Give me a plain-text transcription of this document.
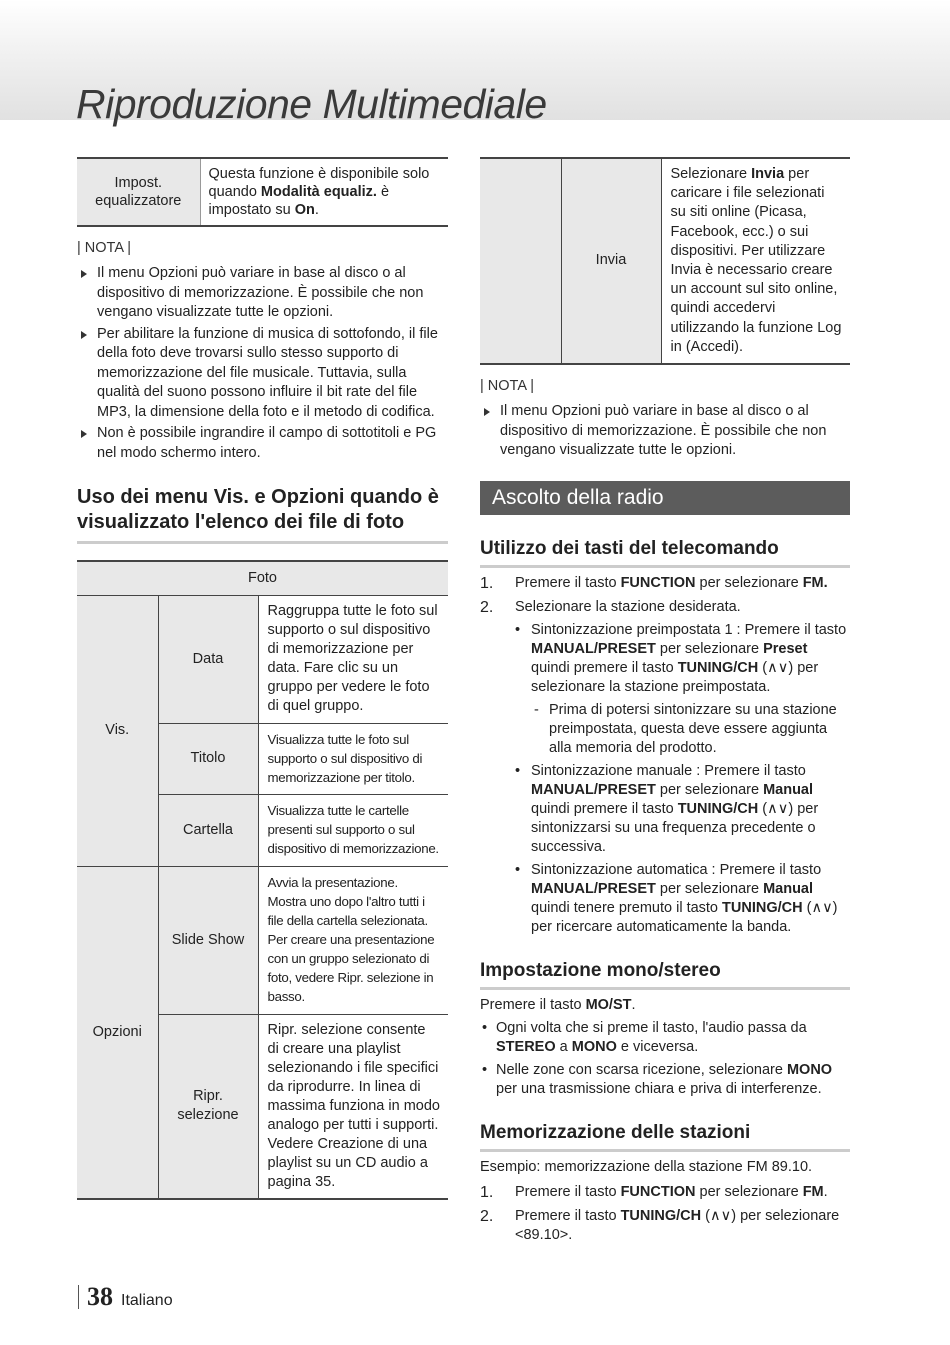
Riproduzione Multimediale
Impost. equalizzatore	Questa funzione è disponibile solo quando Modalità equaliz. è impostato su On.
| NOTA |
Il menu Opzioni può variare in base al disco o al dispositivo di memorizzazione. È possibile che non vengano visualizzate tutte le opzioni.
Per abilitare la funzione di musica di sottofondo, il file della foto deve trovarsi sullo stesso supporto di memorizzazione del file musicale. Tuttavia, sulla qualità del suono possono influire il bit rate del file MP3, la dimensione della foto e il metodo di codifica.
Non è possibile ingrandire il campo di sottotitoli e PG nel modo schermo intero.
Uso dei menu Vis. e Opzioni quando è visualizzato l'elenco dei file di foto
Foto		
Vis.	Data	Raggruppa tutte le foto sul supporto o sul dispositivo di memorizzazione per data. Fare clic su un gruppo per vedere le foto di quel gruppo.
	Titolo	Visualizza tutte le foto sul supporto o sul dispositivo di memorizzazione per titolo.
	Cartella	Visualizza tutte le cartelle presenti sul supporto o sul dispositivo di memorizzazione.
Opzioni	Slide Show	Avvia la presentazione. Mostra uno dopo l'altro tutti i file della cartella selezionata. Per creare una presentazione con un gruppo selezionato di foto, vedere Ripr. selezione in basso.
	Ripr. selezione	Ripr. selezione consente di creare una playlist selezionando i file specifici da riprodurre. In linea di massima funziona in modo analogo per tutti i supporti. Vedere Creazione di una playlist su un CD audio a pagina 35.
	Invia	Selezionare Invia per caricare i file selezionati su siti online (Picasa, Facebook, ecc.) o sui dispositivi. Per utilizzare Invia è necessario creare un account sul sito online, quindi accedervi utilizzando la funzione Log in (Accedi).
| NOTA |
Il menu Opzioni può variare in base al disco o al dispositivo di memorizzazione. È possibile che non vengano visualizzate tutte le opzioni.
Ascolto della radio
Utilizzo dei tasti del telecomando
1. Premere il tasto FUNCTION per selezionare FM.
2. Selezionare la stazione desiderata.
• Sintonizzazione preimpostata 1 : Premere il tasto MANUAL/PRESET per selezionare Preset quindi premere il tasto TUNING/CH (∧∨) per selezionare la stazione preimpostata.
- Prima di potersi sintonizzare su una stazione preimpostata, questa deve essere aggiunta alla memoria del prodotto.
• Sintonizzazione manuale : Premere il tasto MANUAL/PRESET per selezionare Manual quindi premere il tasto TUNING/CH (∧∨) per sintonizzarsi su una frequenza precedente o successiva.
• Sintonizzazione automatica : Premere il tasto MANUAL/PRESET per selezionare Manual quindi tenere premuto il tasto TUNING/CH (∧∨) per ricercare automaticamente la banda.
Impostazione mono/stereo

Premere il tasto MO/ST.

• Ogni volta che si preme il tasto, l'audio passa da STEREO a MONO e viceversa.
• Nelle zone con scarsa ricezione, selezionare MONO per una trasmissione chiara e priva di interferenze.
Memorizzazione delle stazioni

Esempio: memorizzazione della stazione FM 89.10.

1. Premere il tasto FUNCTION per selezionare FM.
2. Premere il tasto TUNING/CH (∧∨) per selezionare <89.10>.
38 Italiano
